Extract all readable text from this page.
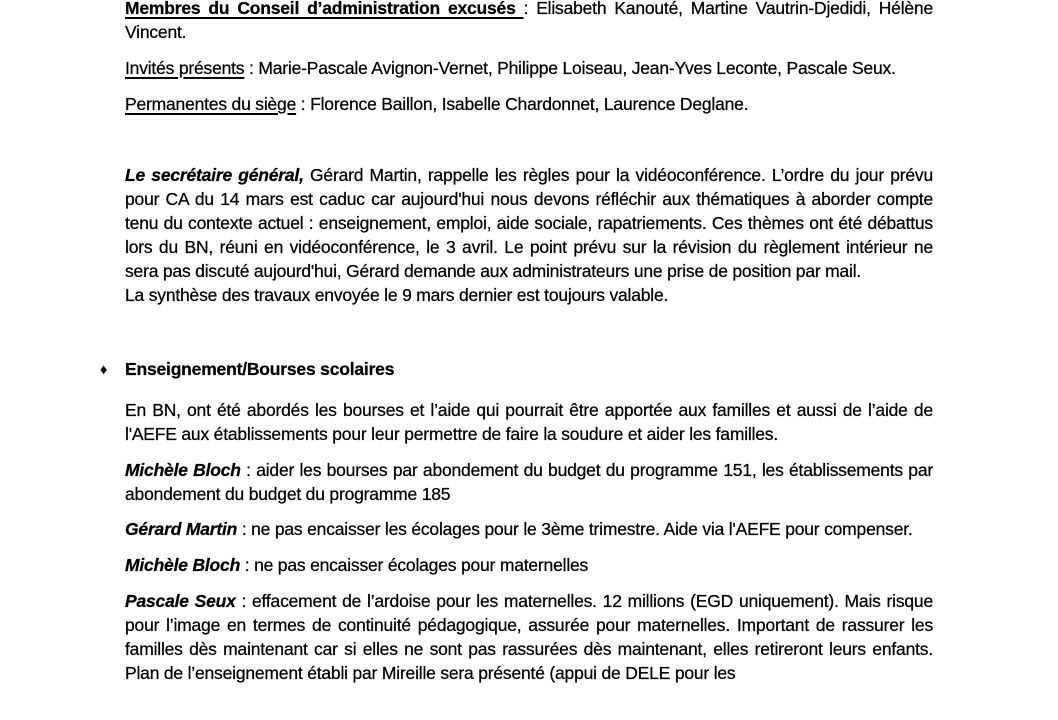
Membres du Conseil d’administration excusés : Elisabeth Kanouté, Martine Vautrin-Djedidi, Hélène Vincent.

Invités présents : Marie-Pascale Avignon-Vernet, Philippe Loiseau, Jean-Yves Leconte, Pascale Seux.

Permanentes du siège : Florence Baillon, Isabelle Chardonnet, Laurence Deglane.

Le secrétaire général, Gérard Martin, rappelle les règles pour la vidéoconférence. L’ordre du jour prévu pour CA du 14 mars est caduc car aujourd'hui nous devons réfléchir aux thématiques à aborder compte tenu du contexte actuel : enseignement, emploi, aide sociale, rapatriements. Ces thèmes ont été débattus lors du BN, réuni en vidéoconférence, le 3 avril. Le point prévu sur la révision du règlement intérieur ne sera pas discuté aujourd'hui, Gérard demande aux administrateurs une prise de position par mail.

La synthèse des travaux envoyée le 9 mars dernier est toujours valable.

♦ Enseignement/Bourses scolaires

En BN, ont été abordés les bourses et l’aide qui pourrait être apportée aux familles et aussi de l’aide de l'AEFE aux établissements pour leur permettre de faire la soudure et aider les familles.

Michèle Bloch : aider les bourses par abondement du budget du programme 151, les établissements par abondement du budget du programme 185

Gérard Martin : ne pas encaisser les écolages pour le 3ème trimestre. Aide via l'AEFE pour compenser.

Michèle Bloch : ne pas encaisser écolages pour maternelles

Pascale Seux : effacement de l’ardoise pour les maternelles. 12 millions (EGD uniquement). Mais risque pour l’image en termes de continuité pédagogique, assurée pour maternelles. Important de rassurer les familles dès maintenant car si elles ne sont pas rassurées dès maintenant, elles retireront leurs enfants. Plan de l’enseignement établi par Mireille sera présenté (appui de DELE pour les
